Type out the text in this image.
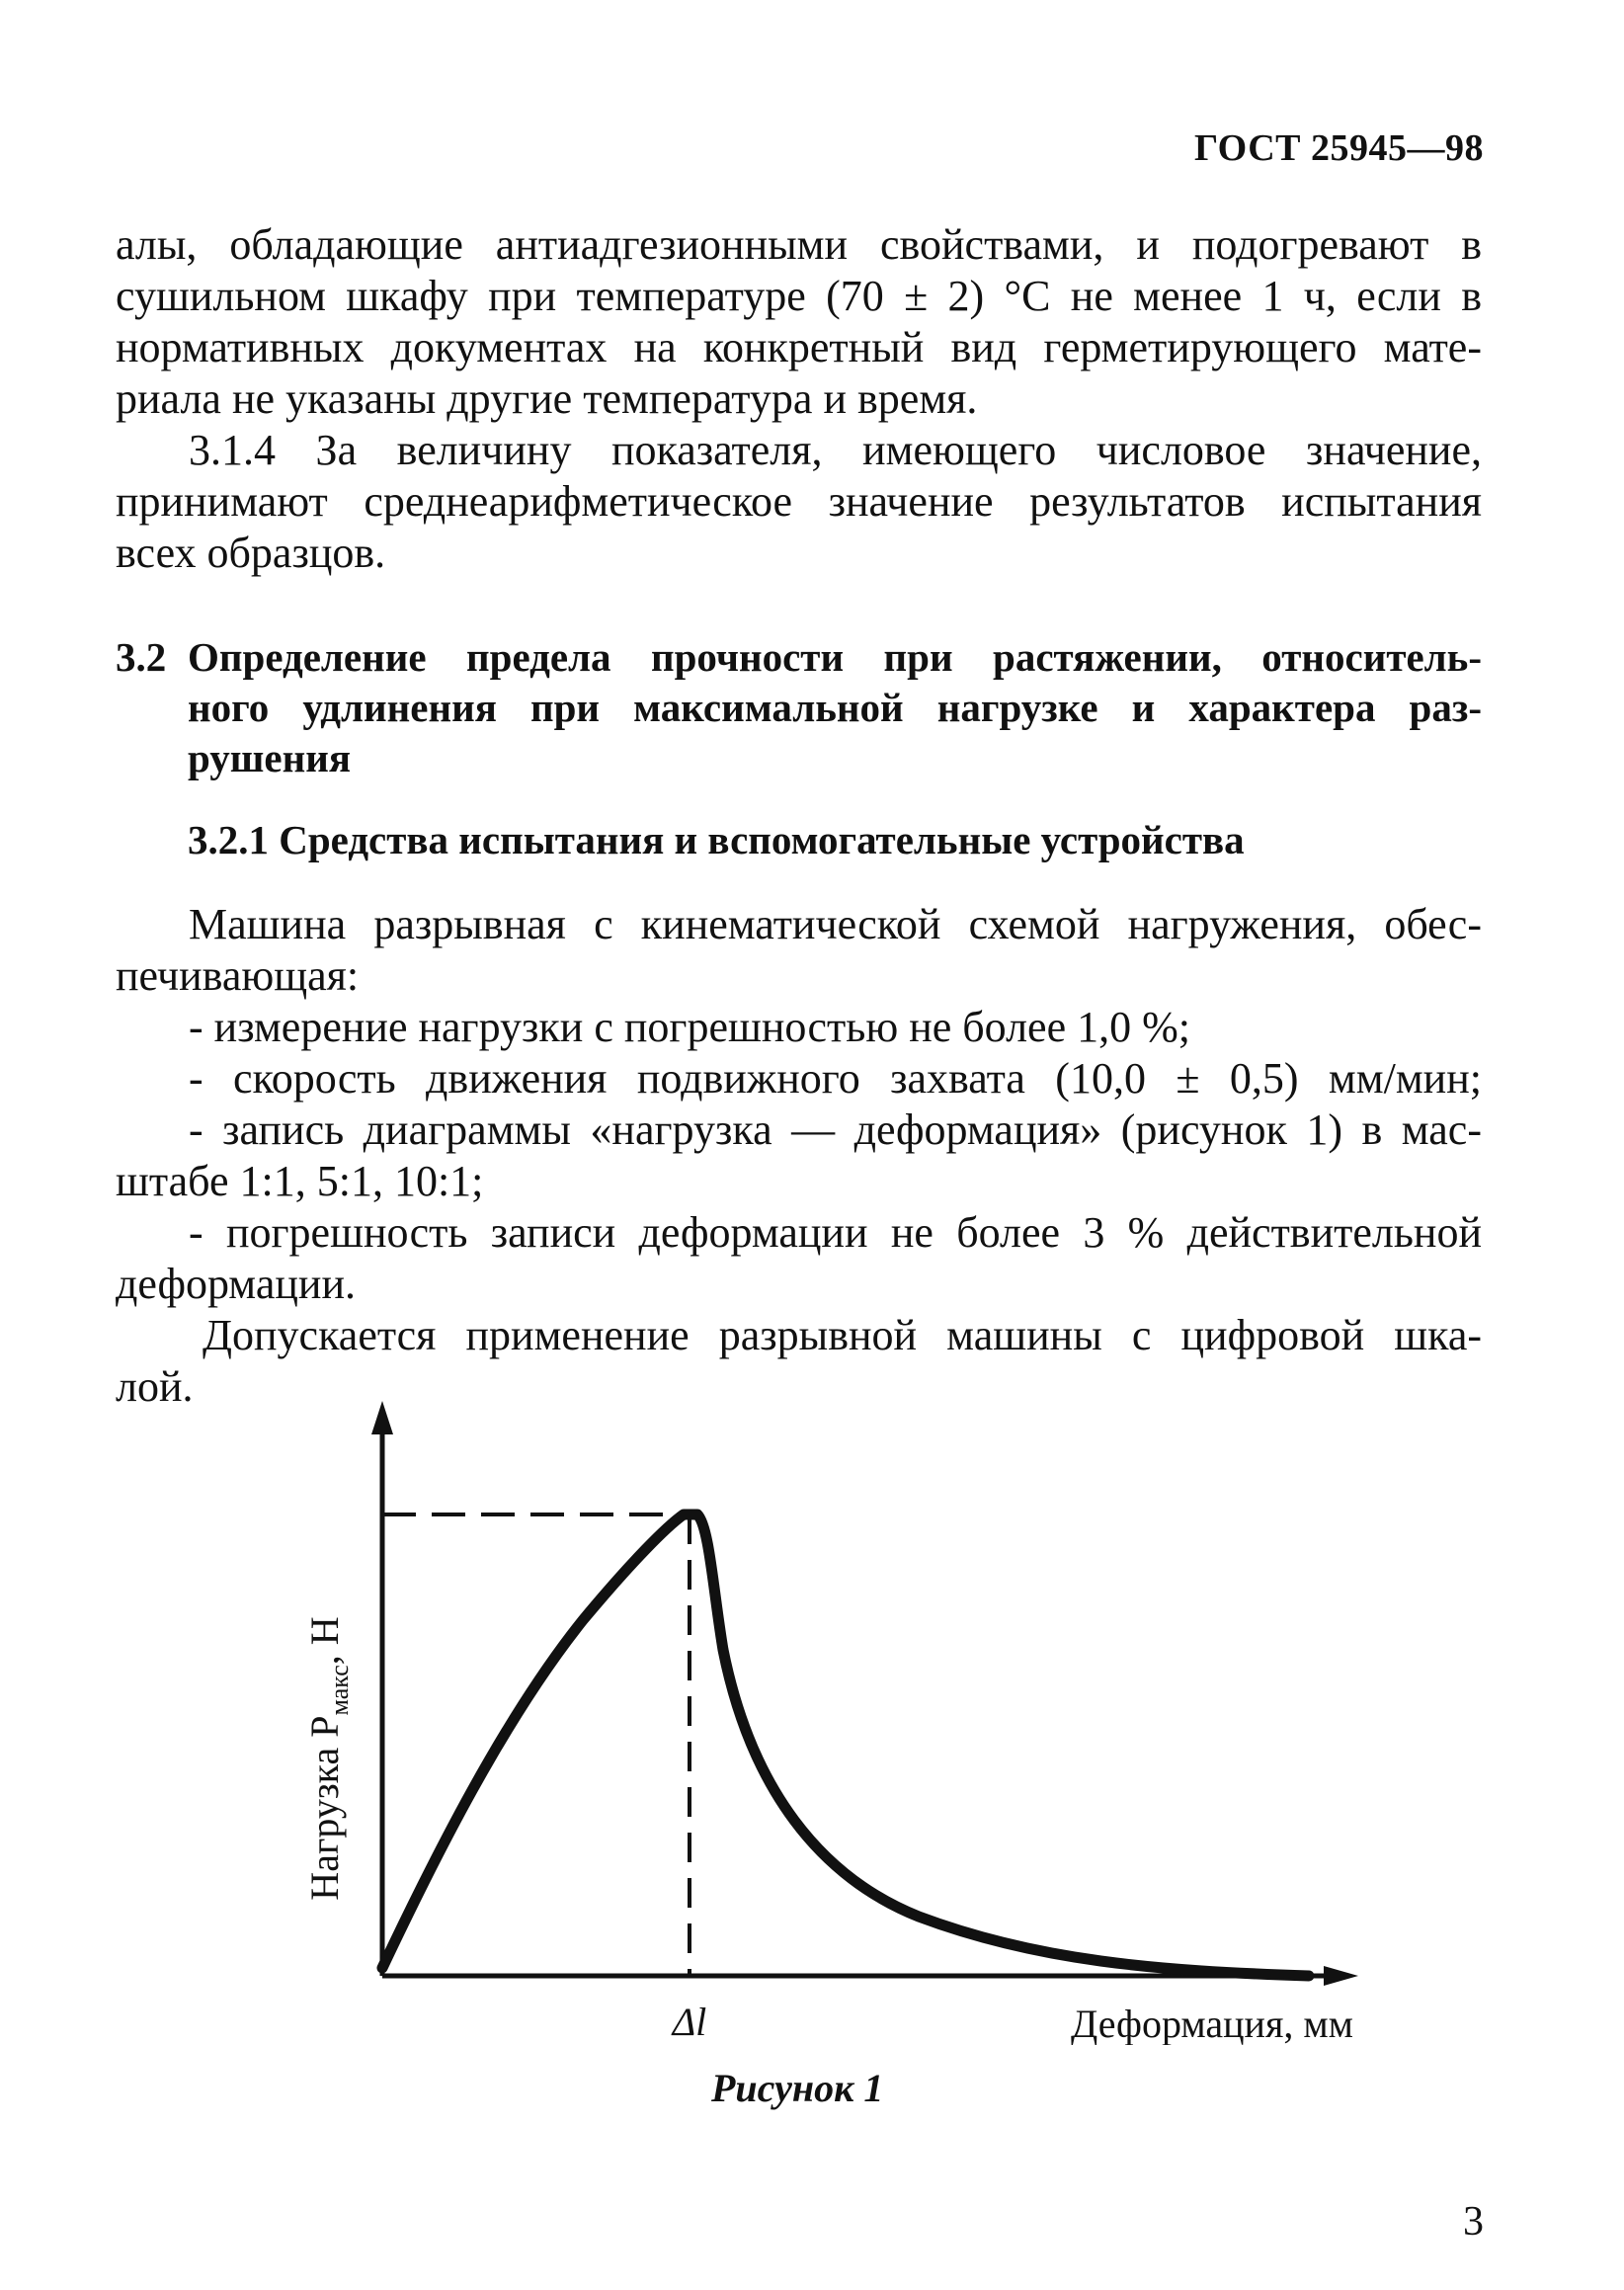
ГОСТ 25945—98

алы, обладающие антиадгезионными свойствами, и подогревают в

сушильном шкафу при температуре (70 ± 2) °С не менее 1 ч, если в

нормативных документах на конкретный вид герметирующего мате-

риала не указаны другие температура и время.

3.1.4 За величину показателя, имеющего числовое значение,

принимают среднеарифметическое значение результатов испытания

всех образцов.

3.2 Определение предела прочности при растяжении, относитель-
ного удлинения при максимальной нагрузке и характера раз-
рушения
3.2.1 Средства испытания и вспомогательные устройства

Машина разрывная с кинематической схемой нагружения, обес-

печивающая:

- измерение нагрузки с погрешностью не более 1,0 %;

- скорость движения подвижного захвата (10,0 ± 0,5) мм/мин;

- запись диаграммы «нагрузка — деформация» (рисунок 1) в мас-

штабе 1:1, 5:1, 10:1;

- погрешность записи деформации не более 3 % действительной

деформации.

Допускается применение разрывной машины с цифровой шка-

лой.

Нагрузка $P_{макс}$, Н
Δl	Деформация, мм
Рисунок 1
3
